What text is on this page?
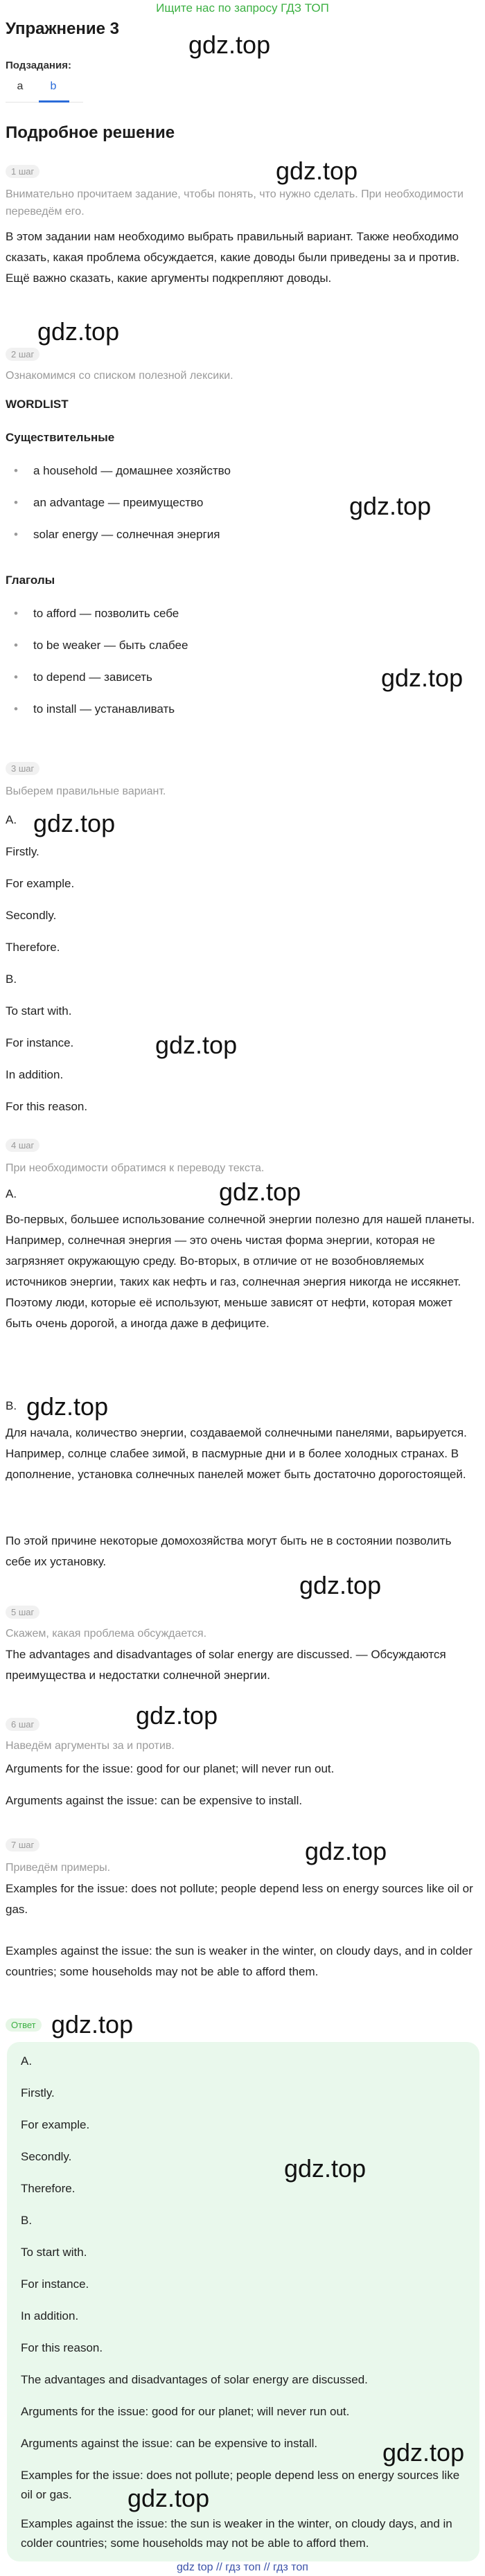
Ищите нас по запросу ГДЗ ТОП
Упражнение 3
gdz.top
Подзадания:
a	b
Подробное решение
1 шаг	gdz.top
Внимательно прочитаем задание, чтобы понять, что нужно сделать. При необходимости переведём его.
В этом задании нам необходимо выбрать правильный вариант. Также необходимо сказать, какая проблема обсуждается, какие доводы были приведены за и против. Ещё важно сказать, какие аргументы подкрепляют доводы.
gdz.top
2 шаг
Ознакомимся со списком полезной лексики.
WORDLIST
Существительные
• a household — домашнее хозяйство
• an advantage — преимущество	gdz.top
• solar energy — солнечная энергия
Глаголы
• to afford — позволить себе
• to be weaker — быть слабее
• to depend — зависеть	gdz.top
• to install — устанавливать
3 шаг
Выберем правильные вариант.
A. gdz.top
Firstly.
For example.
Secondly.
Therefore.
B.
To start with.
For instance.	gdz.top
In addition.
For this reason.
4 шаг
При необходимости обратимся к переводу текста.
A.	gdz.top
Во-первых, большее использование солнечной энергии полезно для нашей планеты. Например, солнечная энергия — это очень чистая форма энергии, которая не загрязняет окружающую среду. Во-вторых, в отличие от не возобновляемых источников энергии, таких как нефть и газ, солнечная энергия никогда не иссякнет. Поэтому люди, которые её используют, меньше зависят от нефти, которая может быть очень дорогой, а иногда даже в дефиците.
B. gdz.top
Для начала, количество энергии, создаваемой солнечными панелями, варьируется. Например, солнце слабее зимой, в пасмурные дни и в более холодных странах. В дополнение, установка солнечных панелей может быть достаточно дорогостоящей.
По этой причине некоторые домохозяйства могут быть не в состоянии позволить себе их установку.
gdz.top
5 шаг
Скажем, какая проблема обсуждается.
The advantages and disadvantages of solar energy are discussed. — Обсуждаются преимущества и недостатки солнечной энергии.
gdz.top
6 шаг
Наведём аргументы за и против.
Arguments for the issue: good for our planet; will never run out.
Arguments against the issue: can be expensive to install.
7 шаг	gdz.top
Приведём примеры.
Examples for the issue: does not pollute; people depend less on energy sources like oil or gas.
Examples against the issue: the sun is weaker in the winter, on cloudy days, and in colder countries; some households may not be able to afford them.
Ответ gdz.top
A.
Firstly.
For example.
Secondly.	gdz.top
Therefore.
B.
To start with.
For instance.
In addition.
For this reason.
The advantages and disadvantages of solar energy are discussed.
Arguments for the issue: good for our planet; will never run out.
Arguments against the issue: can be expensive to install.	gdz.top
Examples for the issue: does not pollute; people depend less on energy sources like oil or gas.	gdz.top
Examples against the issue: the sun is weaker in the winter, on cloudy days, and in colder countries; some households may not be able to afford them.
gdz top // гдз топ // гдз топ
